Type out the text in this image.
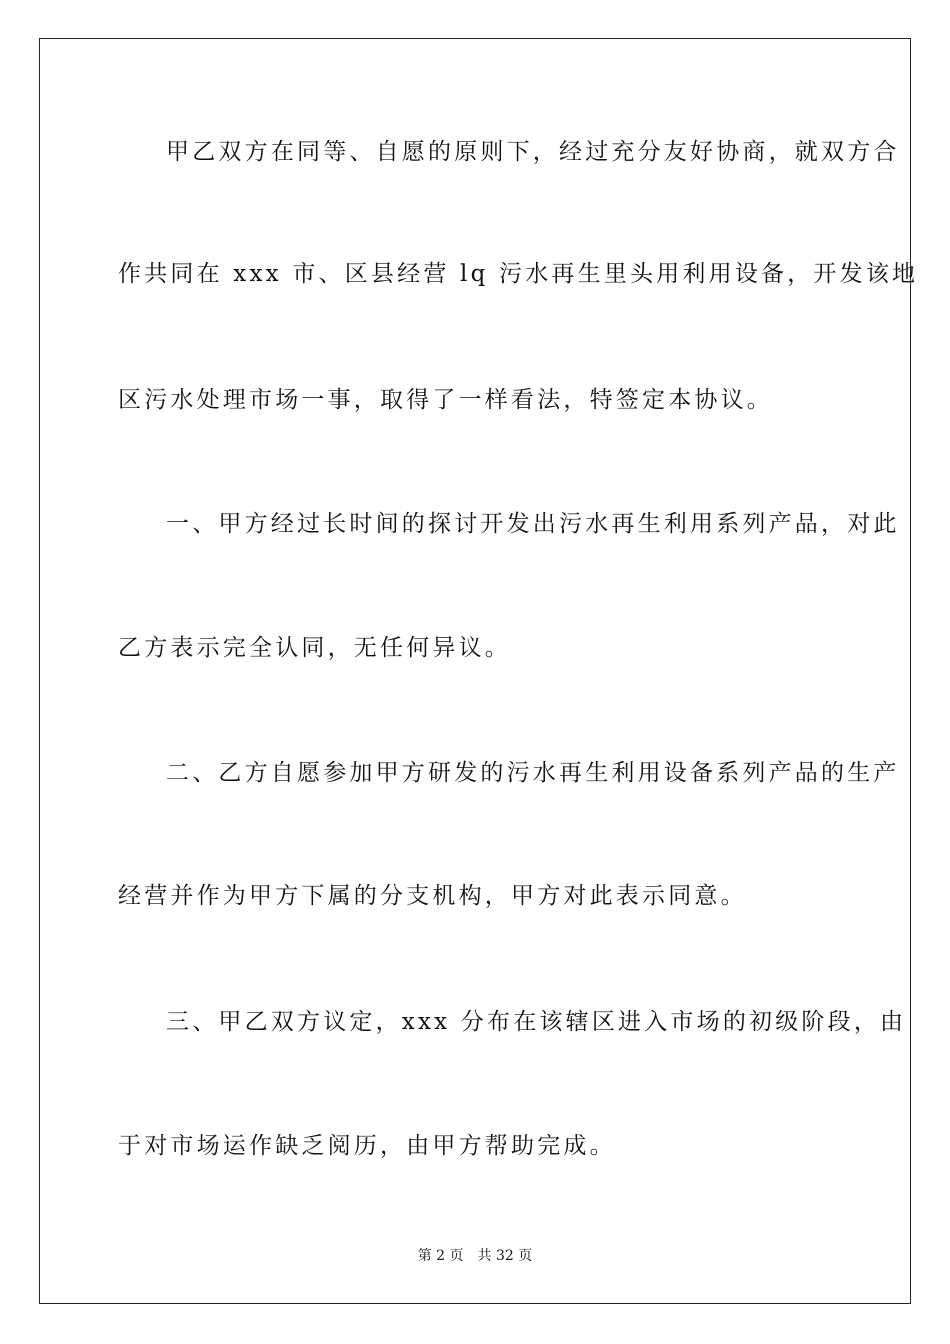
甲乙双方在同等、自愿的原则下，经过充分友好协商，就双方合
作共同在 xxx 市、区县经营 lq 污水再生里头用利用设备，开发该地
区污水处理市场一事，取得了一样看法，特签定本协议。
一、甲方经过长时间的探讨开发出污水再生利用系列产品，对此
乙方表示完全认同，无任何异议。
二、乙方自愿参加甲方研发的污水再生利用设备系列产品的生产
经营并作为甲方下属的分支机构，甲方对此表示同意。
三、甲乙双方议定，xxx 分布在该辖区进入市场的初级阶段，由
于对市场运作缺乏阅历，由甲方帮助完成。
第 2 页 共 32 页
